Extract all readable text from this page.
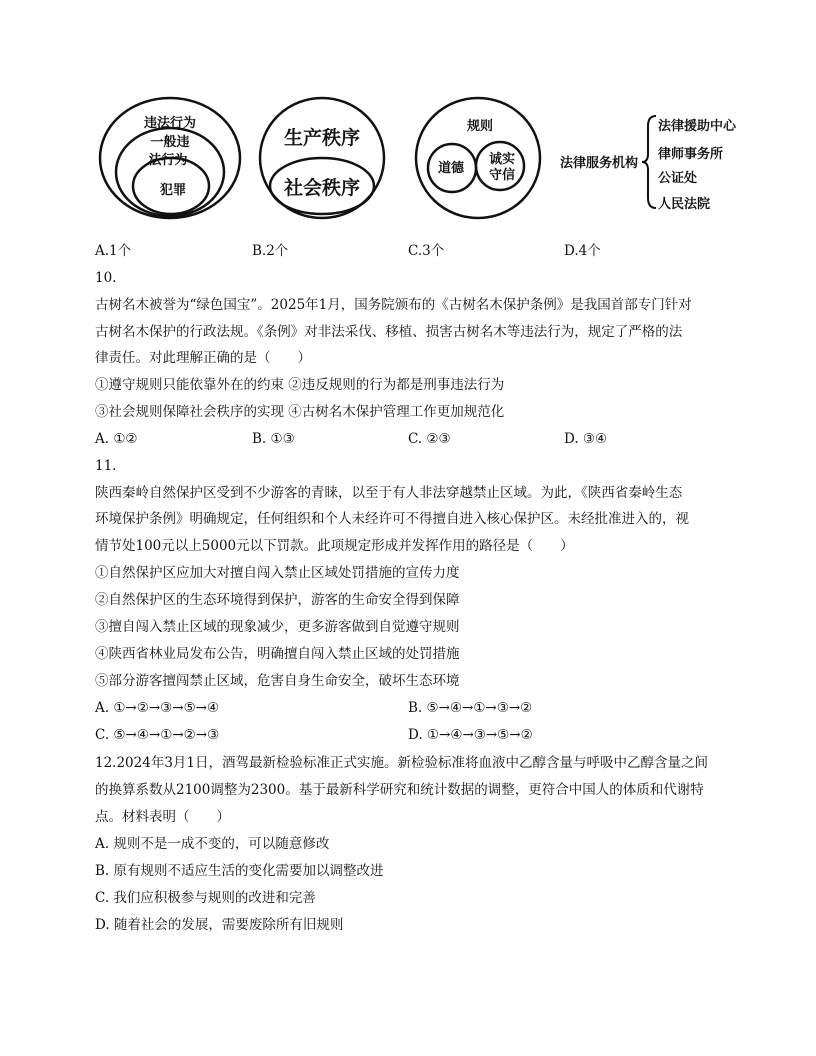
违法行为
一般违
法行为
犯罪
生产秩序
社会秩序
规则
道德
诚实
守信
法律服务机构
法律援助中心
律师事务所
公证处
人民法院
A.1个	B.2个	C.3个	D.4个
10.
古树名木被誉为“绿色国宝”。2025年1月，国务院颁布的《古树名木保护条例》是我国首部专门针对
古树名木保护的行政法规。《条例》对非法采伐、移植、损害古树名木等违法行为，规定了严格的法
律责任。对此理解正确的是（　　）
①遵守规则只能依靠外在的约束 ②违反规则的行为都是刑事违法行为
③社会规则保障社会秩序的实现 ④古树名木保护管理工作更加规范化
A. ①②	B. ①③	C. ②③	D. ③④
11.
陕西秦岭自然保护区受到不少游客的青睐，以至于有人非法穿越禁止区域。为此，《陕西省秦岭生态
环境保护条例》明确规定，任何组织和个人未经许可不得擅自进入核心保护区。未经批准进入的，视
情节处100元以上5000元以下罚款。此项规定形成并发挥作用的路径是（　　）
①自然保护区应加大对擅自闯入禁止区域处罚措施的宣传力度
②自然保护区的生态环境得到保护，游客的生命安全得到保障
③擅自闯入禁止区域的现象减少，更多游客做到自觉遵守规则
④陕西省林业局发布公告，明确擅自闯入禁止区域的处罚措施
⑤部分游客擅闯禁止区域，危害自身生命安全，破坏生态环境
A. ①→②→③→⑤→④	B. ⑤→④→①→③→②
C. ⑤→④→①→②→③	D. ①→④→③→⑤→②
12.2024年3月1日，酒驾最新检验标准正式实施。新检验标准将血液中乙醇含量与呼吸中乙醇含量之间
的换算系数从2100调整为2300。基于最新科学研究和统计数据的调整，更符合中国人的体质和代谢特
点。材料表明（　　）
A. 规则不是一成不变的，可以随意修改
B. 原有规则不适应生活的变化需要加以调整改进
C. 我们应积极参与规则的改进和完善
D. 随着社会的发展，需要废除所有旧规则
